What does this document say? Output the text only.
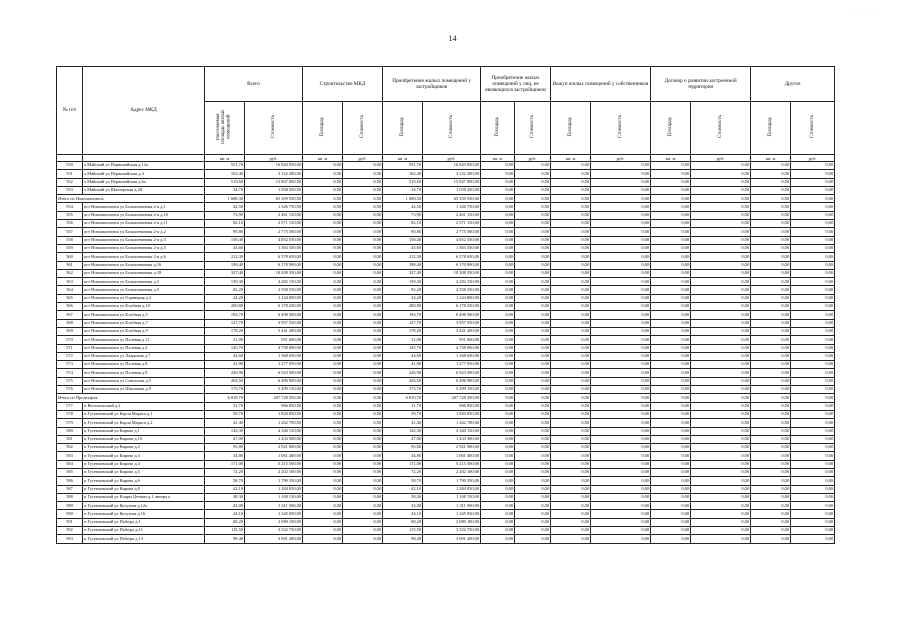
· · · ·
14
№ п/п	Адрес МКД	Всего		Строительство МКД		Приобретение жилых помещений у застройщиков		Приобретение жилых помещений у лиц, не являющихся застройщиком		Выкуп жилых помещений у собственников		Договор о развитии застроенной территории		Другое	
		Расселяемая площадь жилых помещений	Стоимость	Площадь	Стоимость	Площадь	Стоимость	Площадь	Стоимость	Площадь	Стоимость	Площадь	Стоимость	Площадь	Стоимость
		кв. м	руб.	кв. м	руб.	кв. м	руб.	кв. м	руб.	кв. м	руб.	кв. м	руб.	кв. м	руб.
550	х Майский ул Первомайская д.12а	551,70	16 820 850,00	0,00	0,00	551,70	16 820 850,00	0,00	0,00	0,00	0,00	0,00	0,00	0,00	0,00
551	х Майский ул Первомайская д.4	102,40	3 122 200,00	0,00	0,00	102,40	3 122 200,00	0,00	0,00	0,00	0,00	0,00	0,00	0,00	0,00
552	х Майский ул Первомайская д.6а	519,60	15 847 800,00	0,00	0,00	519,60	15 847 800,00	0,00	0,00	0,00	0,00	0,00	0,00	0,00	0,00
553	х Майский ул Шахтерская д.28	34,70	1 058 350,00	0,00	0,00	34,70	1 058 350,00	0,00	0,00	0,00	0,00	0,00	0,00	0,00	0,00
Итого по Новошахтинск		1 688,30	65 359 550,00	0,00	0,00	1 688,30	65 359 550,00	0,00	0,00	0,00	0,00	0,00	0,00	0,00	0,00
554	пгт Новошахтинск ул Большевичная 2-я д.1	42,50	1 326 750,00	0,00	0,00	42,50	1 326 750,00	0,00	0,00	0,00	0,00	0,00	0,00	0,00	0,00
555	пгт Новошахтинск ул Большевичная 2-я д.10	73,90	2 461 150,00	0,00	0,00	73,90	2 461 150,00	0,00	0,00	0,00	0,00	0,00	0,00	0,00	0,00
556	пгт Новошахтинск ул Большевичная 2-я д.11	82,10	2 571 150,00	0,00	0,00	82,10	2 571 150,00	0,00	0,00	0,00	0,00	0,00	0,00	0,00	0,00
557	пгт Новошахтинск ул Большевичная 2-я д.2	90,80	2 775 500,00	0,00	0,00	90,80	2 775 500,00	0,00	0,00	0,00	0,00	0,00	0,00	0,00	0,00
558	пгт Новошахтинск ул Большевичная 2-я д.3	158,40	4 852 550,00	0,00	0,00	158,40	4 852 550,00	0,00	0,00	0,00	0,00	0,00	0,00	0,00	0,00
559	пгт Новошахтинск ул Большевичная 2-я д.5	43,60	1 363 350,00	0,00	0,00	43,60	1 363 350,00	0,00	0,00	0,00	0,00	0,00	0,00	0,00	0,00
560	пгт Новошахтинск ул Большевичная 2-я д.6	212,30	6 578 650,00	0,00	0,00	212,30	6 578 650,00	0,00	0,00	0,00	0,00	0,00	0,00	0,00	0,00
561	пгт Новошахтинск ул Большевичная д.16	198,40	6 170 900,00	0,00	0,00	198,40	6 170 900,00	0,00	0,00	0,00	0,00	0,00	0,00	0,00	0,00
562	пгт Новошахтинск ул Большевичная д.18	327,40	10 208 350,00	0,00	0,00	327,40	10 208 350,00	0,00	0,00	0,00	0,00	0,00	0,00	0,00	0,00
563	пгт Новошахтинск ул Большевичная д.3	139,30	4 282 150,00	0,00	0,00	139,30	4 282 150,00	0,00	0,00	0,00	0,00	0,00	0,00	0,00	0,00
564	пгт Новошахтинск ул Большевичная д.5	82,20	2 558 550,00	0,00	0,00	82,20	2 558 550,00	0,00	0,00	0,00	0,00	0,00	0,00	0,00	0,00
565	пгт Новошахтинск ул Горняцкая д.2	24,20	1 144 800,00	0,00	0,00	24,20	1 144 800,00	0,00	0,00	0,00	0,00	0,00	0,00	0,00	0,00
566	пгт Новошахтинск ул Клубная д.10	200,80	6 178 250,00	0,00	0,00	200,80	6 178 250,00	0,00	0,00	0,00	0,00	0,00	0,00	0,00	0,00
567	пгт Новошахтинск ул Клубная д.5	194,70	6 498 500,00	0,00	0,00	194,70	6 498 500,00	0,00	0,00	0,00	0,00	0,00	0,00	0,00	0,00
568	пгт Новошахтинск ул Клубная д.7	127,70	3 957 550,00	0,00	0,00	127,70	3 957 550,00	0,00	0,00	0,00	0,00	0,00	0,00	0,00	0,00
569	пгт Новошахтинск ул Клубная д.9	178,20	5 441 200,00	0,00	0,00	178,20	5 441 200,00	0,00	0,00	0,00	0,00	0,00	0,00	0,00	0,00
570	пгт Новошахтинск ул Полевая д.11	31,00	951 600,00	0,00	0,00	31,00	951 600,00	0,00	0,00	0,00	0,00	0,00	0,00	0,00	0,00
571	пгт Новошахтинск ул Полевая д.2	145,70	4 758 000,00	0,00	0,00	145,70	4 758 000,00	0,00	0,00	0,00	0,00	0,00	0,00	0,00	0,00
572	пгт Новошахтинск ул Ладыгина д.7	44,60	1 368 650,00	0,00	0,00	44,60	1 368 650,00	0,00	0,00	0,00	0,00	0,00	0,00	0,00	0,00
573	пгт Новошахтинск ул Полевая д.8	41,90	1 277 950,00	0,00	0,00	41,90	1 277 950,00	0,00	0,00	0,00	0,00	0,00	0,00	0,00	0,00
574	пгт Новошахтинск ул Полевая д.9	226,90	6 923 500,00	0,00	0,00	226,90	6 923 500,00	0,00	0,00	0,00	0,00	0,00	0,00	0,00	0,00
575	пгт Новошахтинск ул Советская д.5	204,50	6 496 900,00	0,00	0,00	204,50	6 496 900,00	0,00	0,00	0,00	0,00	0,00	0,00	0,00	0,00
576	пгт Новошахтинск ул Школьная д.9	175,70	5 499 150,00	0,00	0,00	175,70	5 499 150,00	0,00	0,00	0,00	0,00	0,00	0,00	0,00	0,00
Итого по Пролетарск		6 810,70	207 728 350,00	0,00	0,00	6 810,70	207 728 350,00	0,00	0,00	0,00	0,00	0,00	0,00	0,00	0,00
577	п Весенольский д.2	31,70	966 850,00	0,00	0,00	31,70	966 850,00	0,00	0,00	0,00	0,00	0,00	0,00	0,00	0,00
578	п Гусевловский ул Карла Маркса д.1	59,70	1 820 850,00	0,00	0,00	59,70	1 820 850,00	0,00	0,00	0,00	0,00	0,00	0,00	0,00	0,00
579	п Гусевловский ул Карла Маркса д.2	41,40	1 262 700,00	0,00	0,00	41,40	1 262 700,00	0,00	0,00	0,00	0,00	0,00	0,00	0,00	0,00
580	п Гусевловский ул Кирова д.1	142,30	4 340 150,00	0,00	0,00	142,30	4 340 150,00	0,00	0,00	0,00	0,00	0,00	0,00	0,00	0,00
581	п Гусевловский ул Кирова д.10	47,00	1 433 500,00	0,00	0,00	47,00	1 433 500,00	0,00	0,00	0,00	0,00	0,00	0,00	0,00	0,00
582	п Гусевловский ул Кирова д.2	95,80	2 921 900,00	0,00	0,00	95,80	2 921 900,00	0,00	0,00	0,00	0,00	0,00	0,00	0,00	0,00
583	п Гусевловский ул Кирова д.3	34,80	1 061 400,00	0,00	0,00	34,80	1 061 400,00	0,00	0,00	0,00	0,00	0,00	0,00	0,00	0,00
584	п Гусевловский ул Кирова д.4	171,00	5 215 500,00	0,00	0,00	171,00	5 215 500,00	0,00	0,00	0,00	0,00	0,00	0,00	0,00	0,00
585	п Гусевловский ул Кирова д.5	72,20	2 202 100,00	0,00	0,00	72,20	2 202 100,00	0,00	0,00	0,00	0,00	0,00	0,00	0,00	0,00
586	п Гусевловский ул Кирова д.6	58,70	1 790 350,00	0,00	0,00	58,70	1 790 350,00	0,00	0,00	0,00	0,00	0,00	0,00	0,00	0,00
587	п Гусевловский ул Кирова д.8	42,10	1 284 050,00	0,00	0,00	42,10	1 284 050,00	0,00	0,00	0,00	0,00	0,00	0,00	0,00	0,00
588	п Гусевловский ул Клары Цеткин д.1 литера а	38,30	1 168 150,00	0,00	0,00	38,30	1 168 150,00	0,00	0,00	0,00	0,00	0,00	0,00	0,00	0,00
589	п Гусевловский ул Кутузова д.12а	43,00	1 311 500,00	0,00	0,00	43,00	1 311 500,00	0,00	0,00	0,00	0,00	0,00	0,00	0,00	0,00
590	п Гусевловский ул Кутузова д.16	44,10	1 345 050,00	0,00	0,00	44,10	1 345 050,00	0,00	0,00	0,00	0,00	0,00	0,00	0,00	0,00
591	п Гусевловский ул Победы д.1	68,20	2 080 100,00	0,00	0,00	68,20	2 080 100,00	0,00	0,00	0,00	0,00	0,00	0,00	0,00	0,00
592	п Гусевловский ул Победы д.11	115,50	3 522 750,00	0,00	0,00	115,50	3 522 750,00	0,00	0,00	0,00	0,00	0,00	0,00	0,00	0,00
593	п Гусевловский ул Победы д.13	98,40	3 001 200,00	0,00	0,00	98,40	3 001 200,00	0,00	0,00	0,00	0,00	0,00	0,00	0,00	0,00
